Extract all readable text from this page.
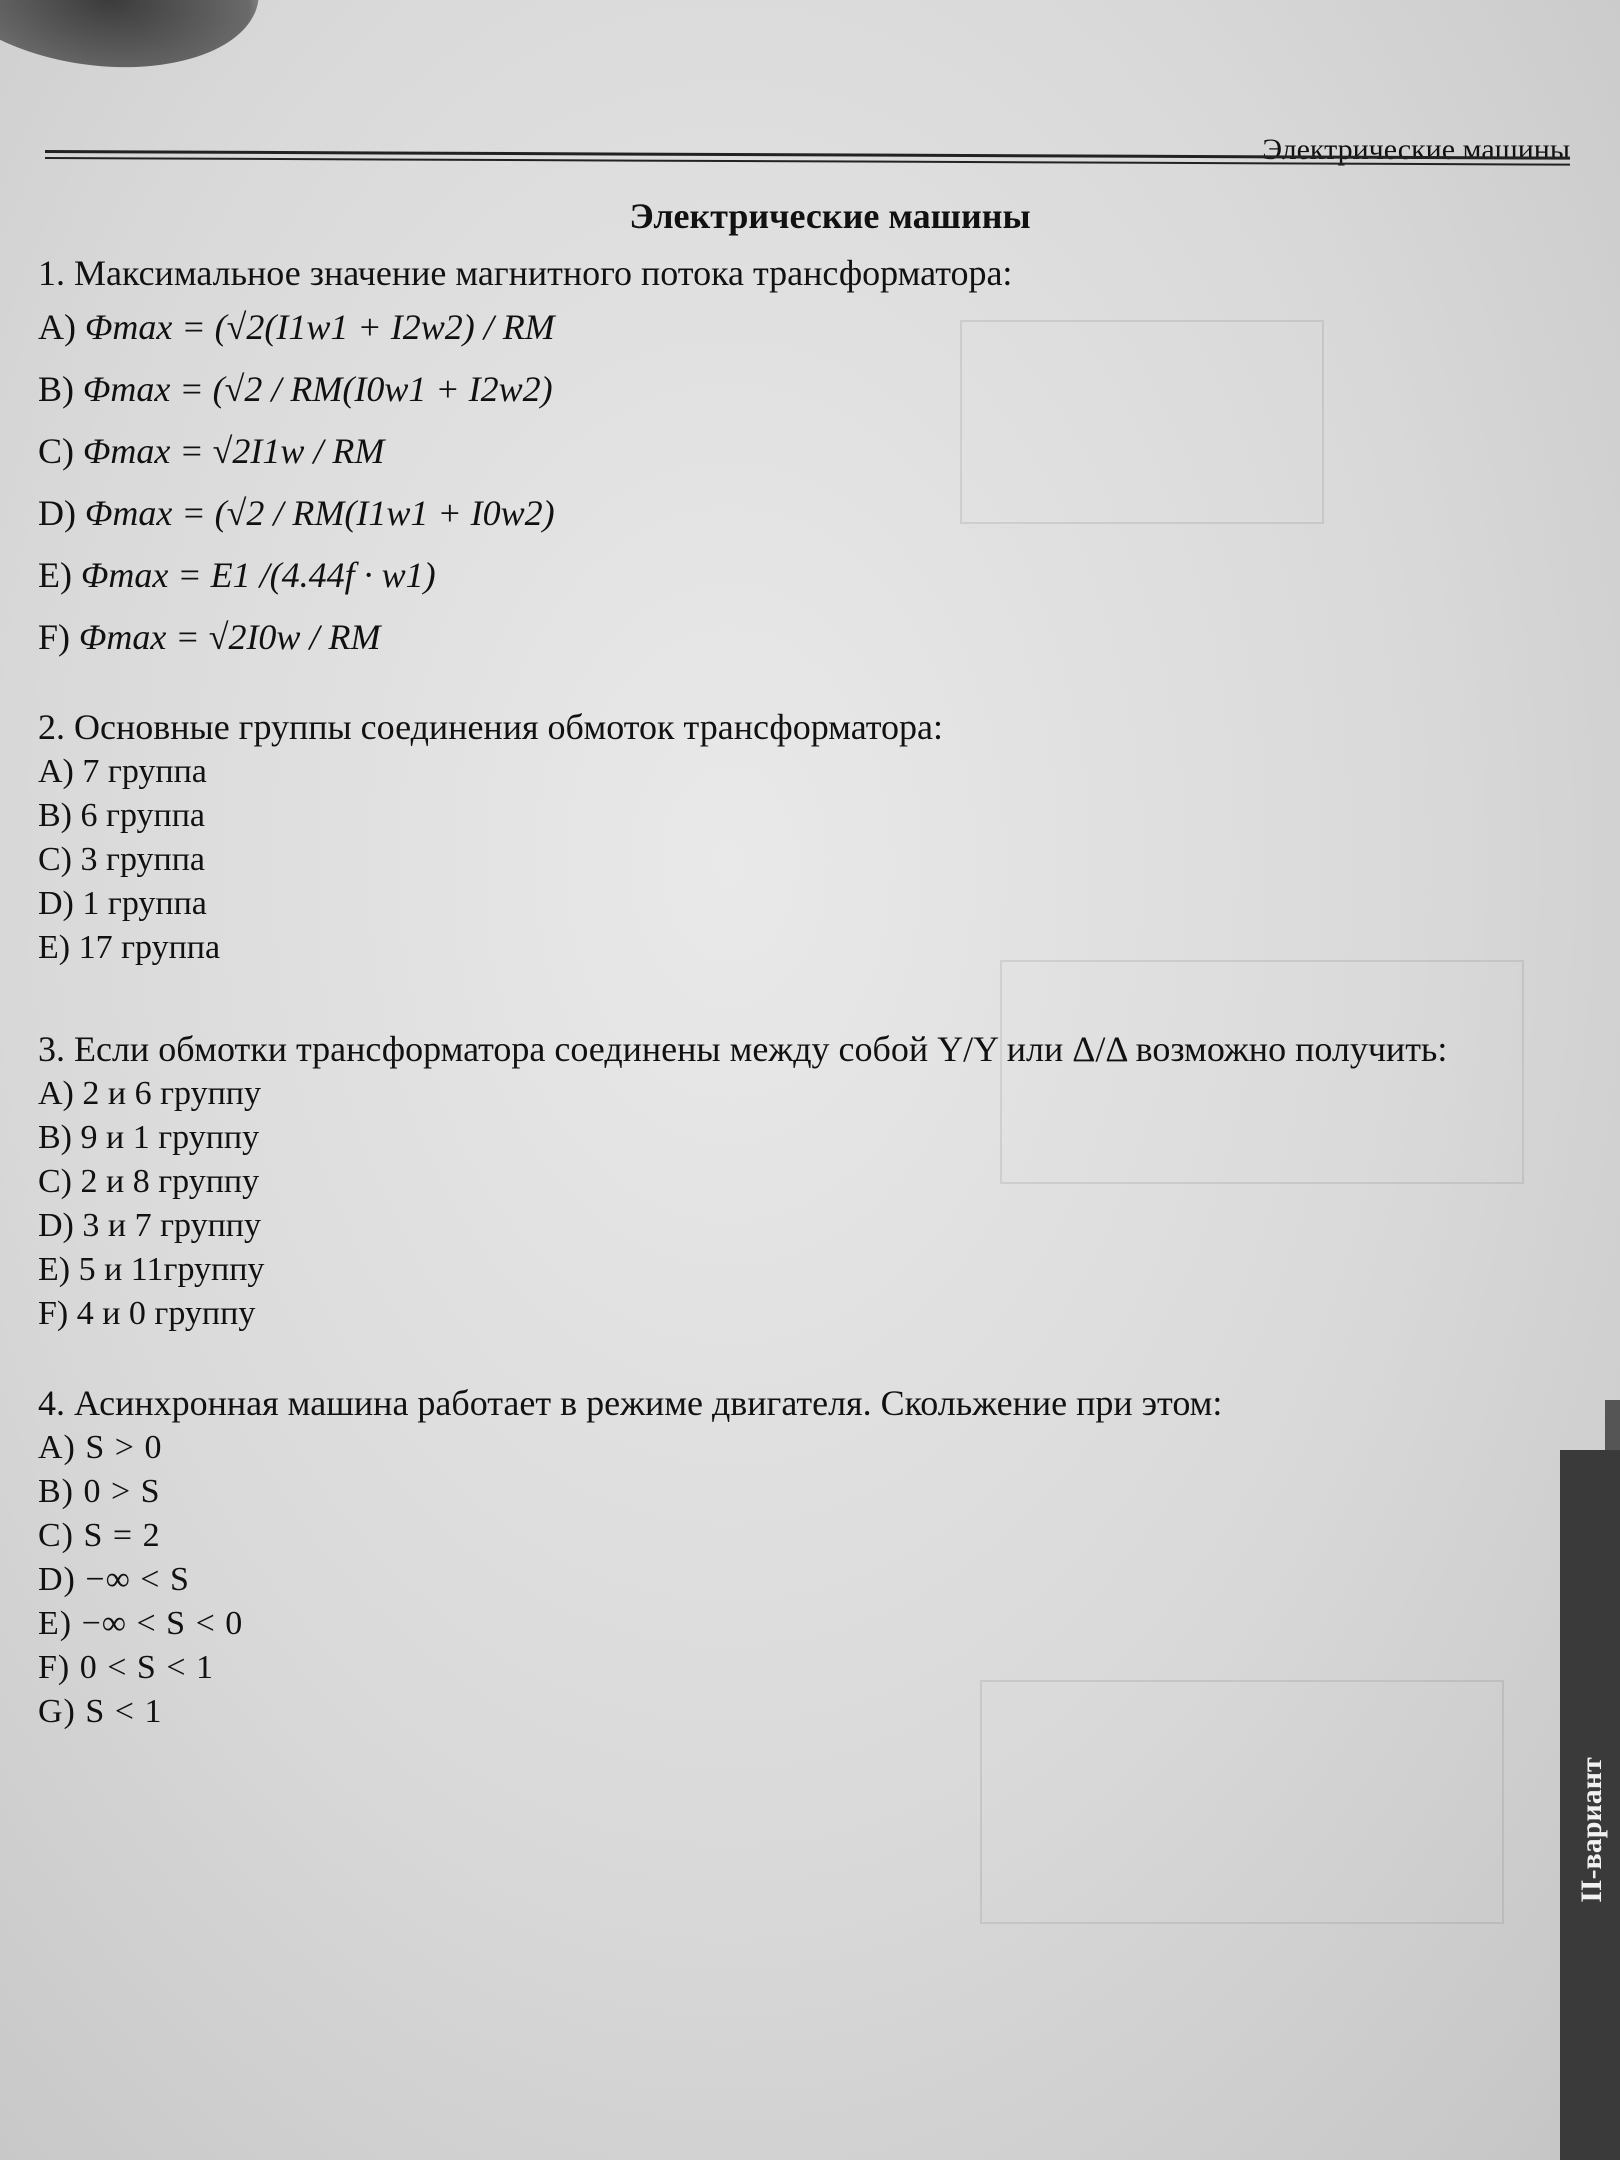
Электрические машины
Электрические машины
1. Максимальное значение магнитного потока трансформатора:
A) Φmax = (√2(I1w1 + I2w2) / RM
B) Φmax = (√2 / RM(I0w1 + I2w2)
C) Φmax = √2I1w / RM
D) Φmax = (√2 / RM(I1w1 + I0w2)
E) Φmax = E1 /(4.44f · w1)
F) Φmax = √2I0w / RM
2. Основные группы соединения обмоток трансформатора:
A) 7 группа
B) 6 группа
C) 3 группа
D) 1 группа
E) 17 группа
3. Если обмотки трансформатора соединены между собой Y/Y или Δ/Δ возможно получить:
A) 2 и 6 группу
B) 9 и 1 группу
C) 2 и 8 группу
D) 3 и 7 группу
E) 5 и 11группу
F) 4 и 0 группу
4. Асинхронная машина работает в режиме двигателя. Скольжение при этом:
A) S > 0
B) 0 > S
C) S = 2
D) −∞ < S
E) −∞ < S < 0
F) 0 < S < 1
G) S < 1
II-вариант
